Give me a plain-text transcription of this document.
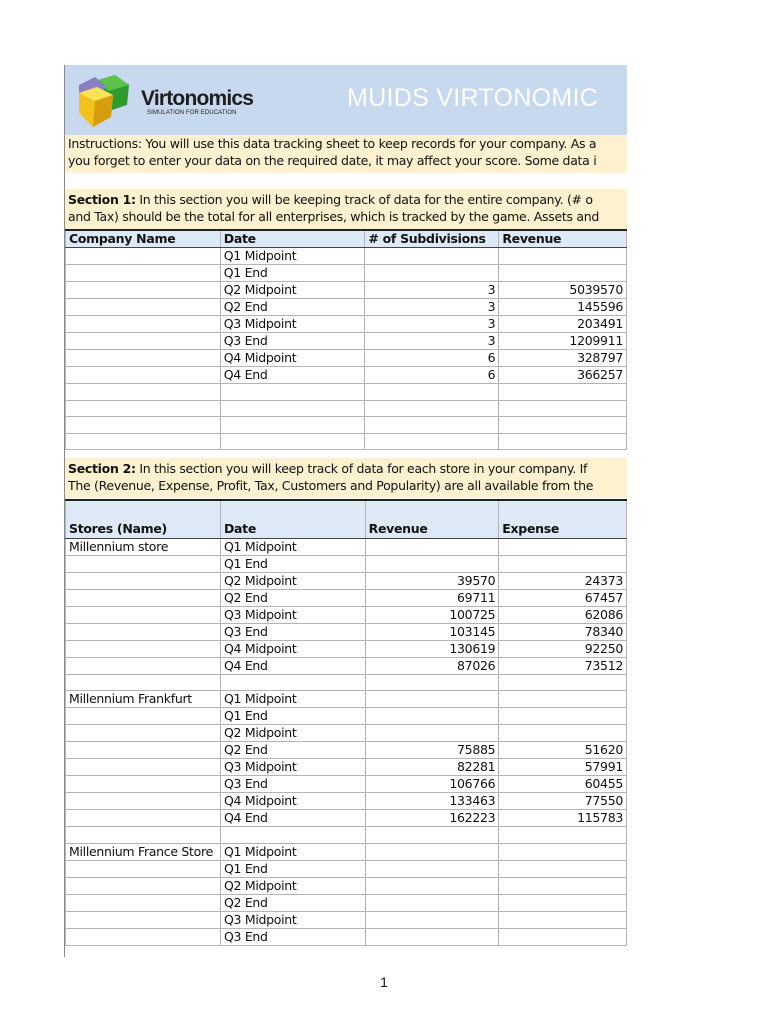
Virtonomics
SIMULATION FOR EDUCATION
MUIDS VIRTONOMIC
Instructions: You will use this data tracking sheet to keep records for your company. As a
you forget to enter your data on the required date, it may affect your score. Some data i
Section 1: In this section you will be keeping track of data for the entire company. (# o
and Tax) should be the total for all enterprises, which is tracked by the game. Assets and
Company Name	Date	# of Subdivisions	Revenue
	Q1 Midpoint		
	Q1 End		
	Q2 Midpoint	3	5039570
	Q2 End	3	145596
	Q3 Midpoint	3	203491
	Q3 End	3	1209911
	Q4 Midpoint	6	328797
	Q4 End	6	366257

Section 2: In this section you will keep track of data for each store in your company. If
The (Revenue, Expense, Profit, Tax, Customers and Popularity) are all available from the
Stores (Name)	Date	Revenue	Expense
Millennium store	Q1 Midpoint		
	Q1 End		
	Q2 Midpoint	39570	24373
	Q2 End	69711	67457
	Q3 Midpoint	100725	62086
	Q3 End	103145	78340
	Q4 Midpoint	130619	92250
	Q4 End	87026	73512

Millennium Frankfurt	Q1 Midpoint		
	Q1 End		
	Q2 Midpoint		
	Q2 End	75885	51620
	Q3 Midpoint	82281	57991
	Q3 End	106766	60455
	Q4 Midpoint	133463	77550
	Q4 End	162223	115783

Millennium France Store	Q1 Midpoint		
	Q1 End		
	Q2 Midpoint		
	Q2 End		
	Q3 Midpoint		
	Q3 End		
1
